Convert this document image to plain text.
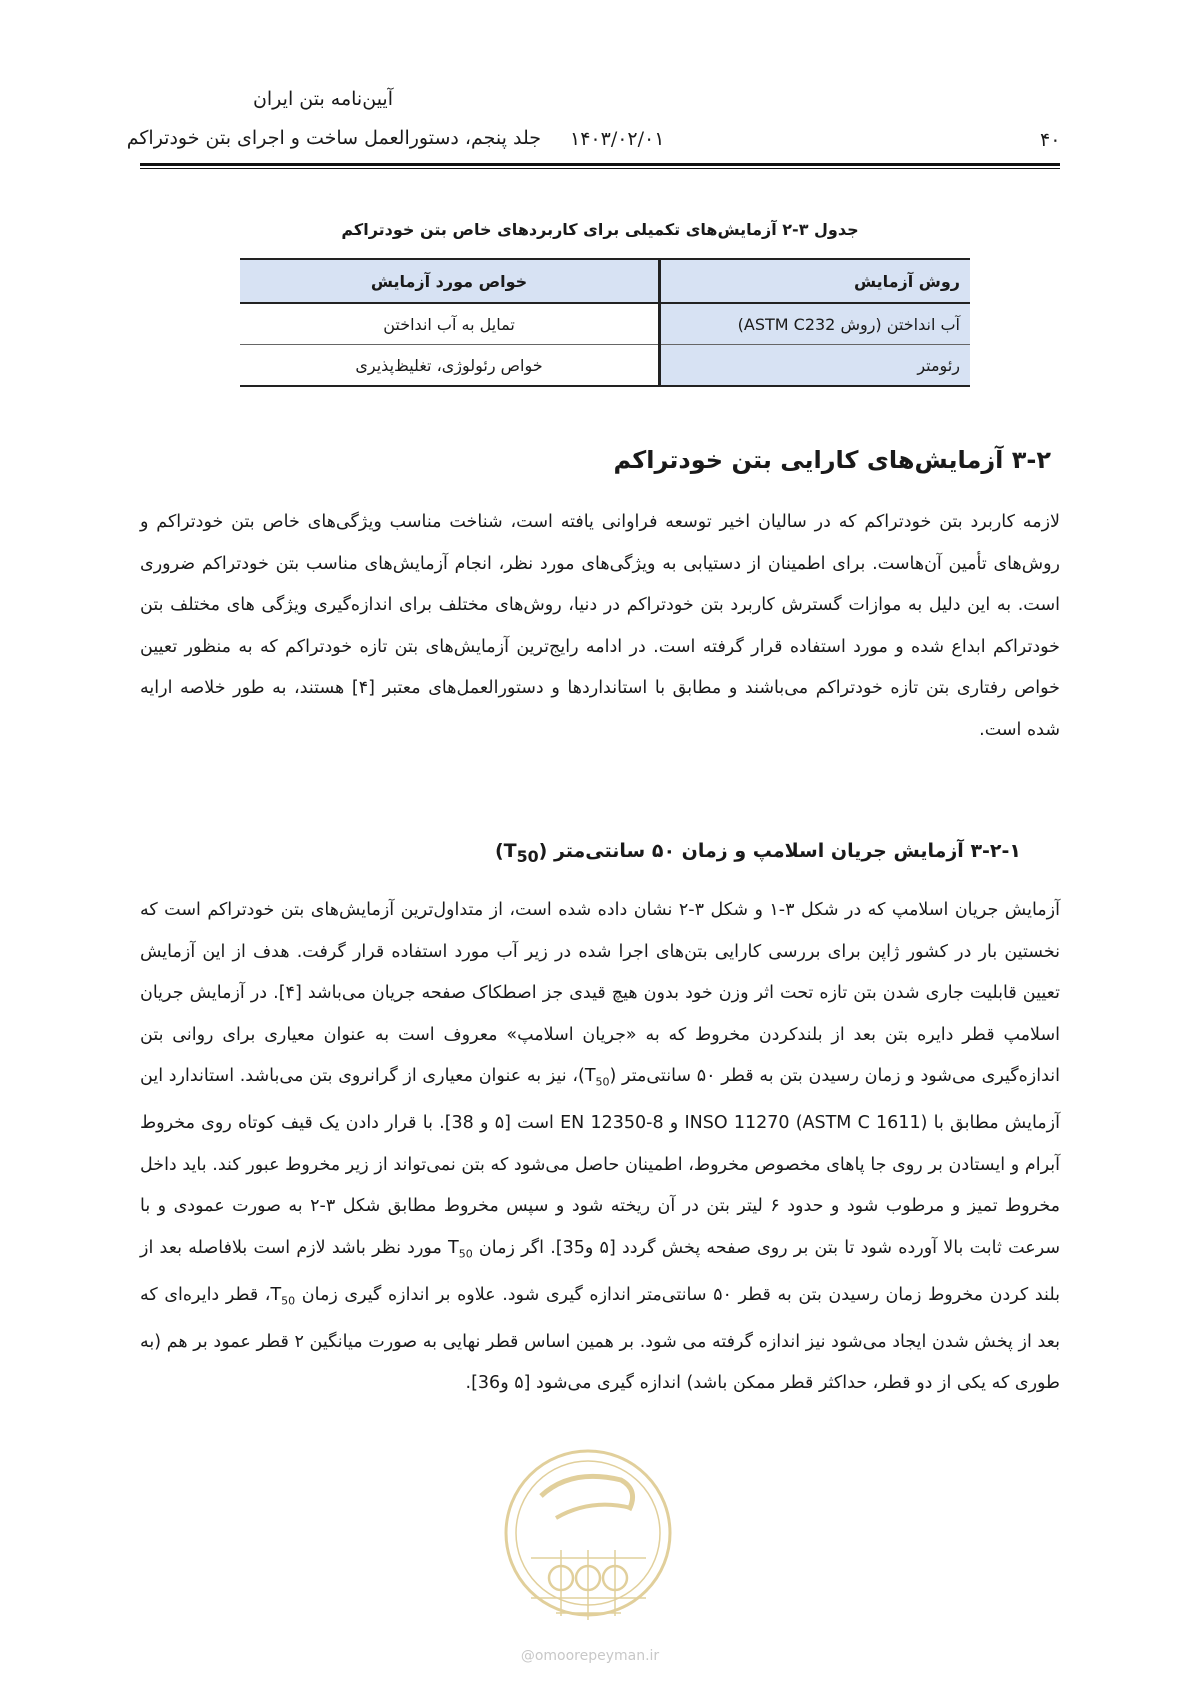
آیین‌نامه بتن ایران
جلد پنجم، دستورالعمل ساخت و اجرای بتن خودتراکم ۱۴۰۳/۰۲/۰۱	۴۰
جدول ۳-۲ آزمایش‌های تکمیلی برای کاربردهای خاص بتن خودتراکم
روش آزمایش	خواص مورد آزمایش
آب انداختن (روش ASTM C232)	تمایل به آب انداختن
رئومتر	خواص رئولوژی، تغلیظ‌پذیری
۳-۲ آزمایش‌های کارایی بتن خودتراکم
لازمه کاربرد بتن خودتراکم که در سالیان اخیر توسعه فراوانی یافته است، شناخت مناسب ویژگی‌های خاص بتن خودتراکم و روش‌های تأمین آن‌هاست. برای اطمینان از دستیابی به ویژگی‌های مورد نظر، انجام آزمایش‌های مناسب بتن خودتراکم ضروری است. به این دلیل به موازات گسترش کاربرد بتن خودتراکم در دنیا، روش‌های مختلف برای اندازه‌گیری ویژگی های مختلف بتن خودتراکم ابداع شده و مورد استفاده قرار گرفته است. در ادامه رایج‌ترین آزمایش‌های بتن تازه خودتراکم که به منظور تعیین خواص رفتاری بتن تازه خودتراکم می‌باشند و مطابق با استانداردها و دستورالعمل‌های معتبر [۴] هستند، به طور خلاصه ارایه شده است.
۳-۲-۱ آزمایش جریان اسلامپ و زمان ۵۰ سانتی‌متر $(T_{50})$
آزمایش جریان اسلامپ که در شکل ۳-۱ و شکل ۳-۲ نشان داده شده است، از متداول‌ترین آزمایش‌های بتن خودتراکم است که نخستین بار در کشور ژاپن برای بررسی کارایی بتن‌های اجرا شده در زیر آب مورد استفاده قرار گرفت. هدف از این آزمایش تعیین قابلیت جاری شدن بتن تازه تحت اثر وزن خود بدون هیچ قیدی جز اصطکاک صفحه جریان می‌باشد [۴]. در آزمایش جریان اسلامپ قطر دایره بتن بعد از بلندکردن مخروط که به «جریان اسلامپ» معروف است به عنوان معیاری برای روانی بتن اندازه‌گیری می‌شود و زمان رسیدن بتن به قطر ۵۰ سانتی‌متر $(T_{50})،$ نیز به عنوان معیاری از گرانروی بتن می‌باشد. استاندارد این آزمایش مطابق با INSO 11270 (ASTM C 1611) و EN 12350-8 است [۵ و 38]. با قرار دادن یک قیف کوتاه روی مخروط آبرام و ایستادن بر روی جا پاهای مخصوص مخروط، اطمینان حاصل می‌شود که بتن نمی‌تواند از زیر مخروط عبور کند. باید داخل مخروط تمیز و مرطوب شود و حدود ۶ لیتر بتن در آن ریخته شود و سپس مخروط مطابق شکل ۳-۲ به صورت عمودی و با سرعت ثابت بالا آورده شود تا بتن بر روی صفحه پخش گردد [۵ و35]. اگر زمان $T_{50}$ مورد نظر باشد لازم است بلافاصله بعد از بلند کردن مخروط زمان رسیدن بتن به قطر ۵۰ سانتی‌متر اندازه گیری شود. علاوه بر اندازه گیری زمان $T_{50}،$ قطر دایره‌ای که بعد از پخش شدن ایجاد می‌شود نیز اندازه گرفته می شود. بر همین اساس قطر نهایی به صورت میانگین ۲ قطر عمود بر هم (به طوری که یکی از دو قطر، حداکثر قطر ممکن باشد) اندازه گیری می‌شود [۵ و36].
@omoorepeyman.ir
